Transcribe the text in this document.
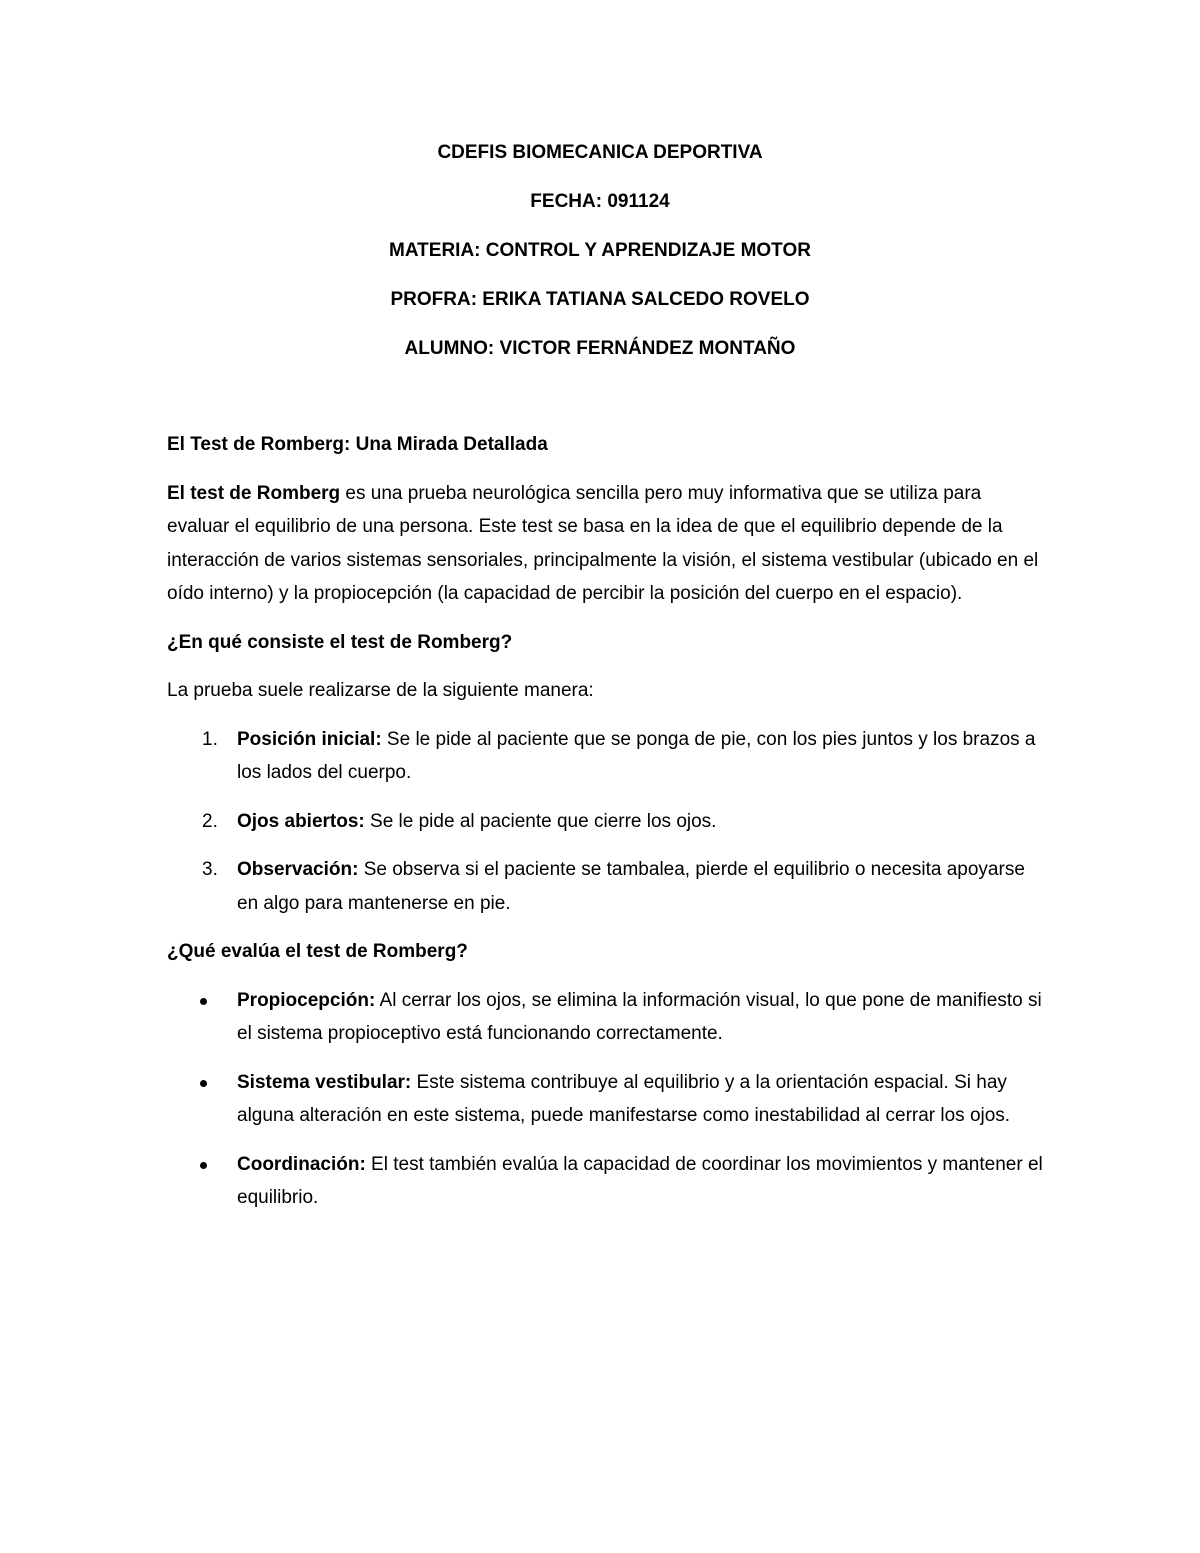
CDEFIS BIOMECANICA DEPORTIVA
FECHA: 091124
MATERIA: CONTROL Y APRENDIZAJE MOTOR
PROFRA: ERIKA TATIANA SALCEDO ROVELO
ALUMNO: VICTOR FERNÁNDEZ MONTAÑO
El Test de Romberg: Una Mirada Detallada

El test de Romberg es una prueba neurológica sencilla pero muy informativa que se utiliza para evaluar el equilibrio de una persona. Este test se basa en la idea de que el equilibrio depende de la interacción de varios sistemas sensoriales, principalmente la visión, el sistema vestibular (ubicado en el oído interno) y la propiocepción (la capacidad de percibir la posición del cuerpo en el espacio).

¿En qué consiste el test de Romberg?

La prueba suele realizarse de la siguiente manera:

1. Posición inicial: Se le pide al paciente que se ponga de pie, con los pies juntos y los brazos a los lados del cuerpo.
2. Ojos abiertos: Se le pide al paciente que cierre los ojos.
3. Observación: Se observa si el paciente se tambalea, pierde el equilibrio o necesita apoyarse en algo para mantenerse en pie.
¿Qué evalúa el test de Romberg?
Propiocepción: Al cerrar los ojos, se elimina la información visual, lo que pone de manifiesto si el sistema propioceptivo está funcionando correctamente.
Sistema vestibular: Este sistema contribuye al equilibrio y a la orientación espacial. Si hay alguna alteración en este sistema, puede manifestarse como inestabilidad al cerrar los ojos.
Coordinación: El test también evalúa la capacidad de coordinar los movimientos y mantener el equilibrio.
